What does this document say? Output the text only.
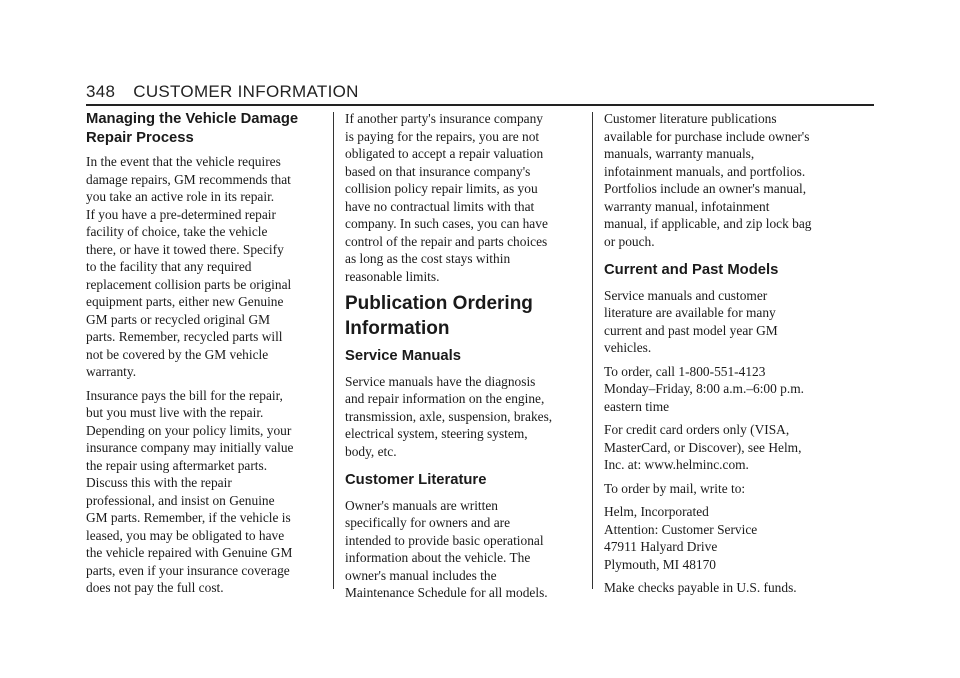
348 CUSTOMER INFORMATION
Managing the Vehicle Damage
Repair Process

In the event that the vehicle requires
damage repairs, GM recommends that
you take an active role in its repair.
If you have a pre-determined repair
facility of choice, take the vehicle
there, or have it towed there. Specify
to the facility that any required
replacement collision parts be original
equipment parts, either new Genuine
GM parts or recycled original GM
parts. Remember, recycled parts will
not be covered by the GM vehicle
warranty.

Insurance pays the bill for the repair,
but you must live with the repair.
Depending on your policy limits, your
insurance company may initially value
the repair using aftermarket parts.
Discuss this with the repair
professional, and insist on Genuine
GM parts. Remember, if the vehicle is
leased, you may be obligated to have
the vehicle repaired with Genuine GM
parts, even if your insurance coverage
does not pay the full cost.

If another party's insurance company
is paying for the repairs, you are not
obligated to accept a repair valuation
based on that insurance company's
collision policy repair limits, as you
have no contractual limits with that
company. In such cases, you can have
control of the repair and parts choices
as long as the cost stays within
reasonable limits.

Publication Ordering
Information
Service Manuals

Service manuals have the diagnosis
and repair information on the engine,
transmission, axle, suspension, brakes,
electrical system, steering system,
body, etc.

Customer Literature

Owner's manuals are written
specifically for owners and are
intended to provide basic operational
information about the vehicle. The
owner's manual includes the
Maintenance Schedule for all models.

Customer literature publications
available for purchase include owner's
manuals, warranty manuals,
infotainment manuals, and portfolios.
Portfolios include an owner's manual,
warranty manual, infotainment
manual, if applicable, and zip lock bag
or pouch.

Current and Past Models

Service manuals and customer
literature are available for many
current and past model year GM
vehicles.

To order, call 1-800-551-4123
Monday–Friday, 8:00 a.m.–6:00 p.m.
eastern time

For credit card orders only (VISA,
MasterCard, or Discover), see Helm,
Inc. at: www.helminc.com.

To order by mail, write to:

Helm, Incorporated
Attention: Customer Service
47911 Halyard Drive
Plymouth, MI 48170

Make checks payable in U.S. funds.
